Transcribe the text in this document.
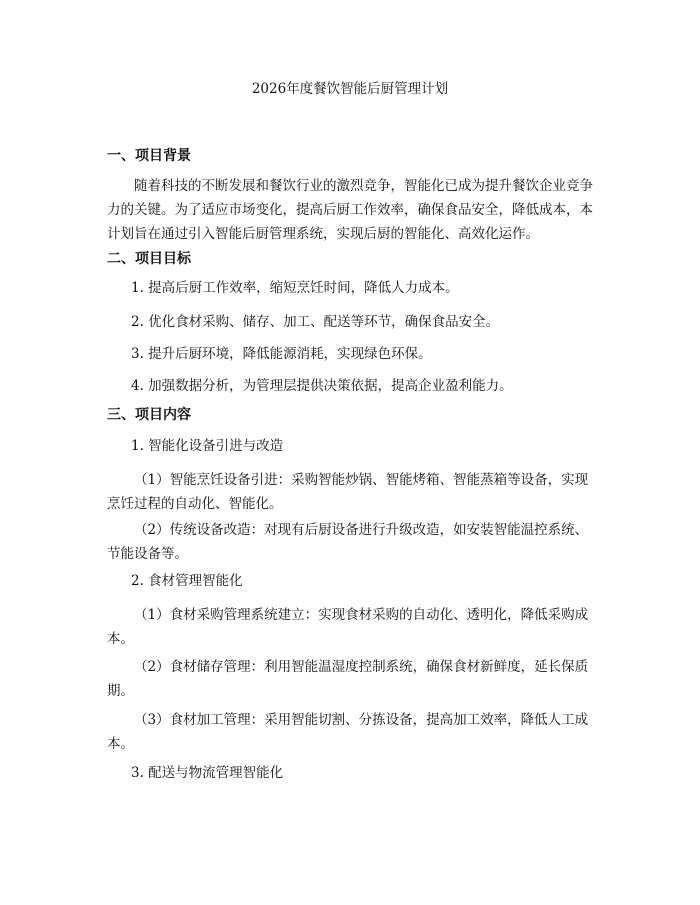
2026年度餐饮智能后厨管理计划
一、项目背景
随着科技的不断发展和餐饮行业的激烈竞争，智能化已成为提升餐饮企业竞争力的关键。为了适应市场变化，提高后厨工作效率，确保食品安全，降低成本，本计划旨在通过引入智能后厨管理系统，实现后厨的智能化、高效化运作。
二、项目目标
1. 提高后厨工作效率，缩短烹饪时间，降低人力成本。
2. 优化食材采购、储存、加工、配送等环节，确保食品安全。
3. 提升后厨环境，降低能源消耗，实现绿色环保。
4. 加强数据分析，为管理层提供决策依据，提高企业盈利能力。
三、项目内容
1. 智能化设备引进与改造
（1）智能烹饪设备引进：采购智能炒锅、智能烤箱、智能蒸箱等设备，实现烹饪过程的自动化、智能化。
（2）传统设备改造：对现有后厨设备进行升级改造，如安装智能温控系统、节能设备等。
2. 食材管理智能化
（1）食材采购管理系统建立：实现食材采购的自动化、透明化，降低采购成本。
（2）食材储存管理：利用智能温湿度控制系统，确保食材新鲜度，延长保质期。
（3）食材加工管理：采用智能切割、分拣设备，提高加工效率，降低人工成本。
3. 配送与物流管理智能化
